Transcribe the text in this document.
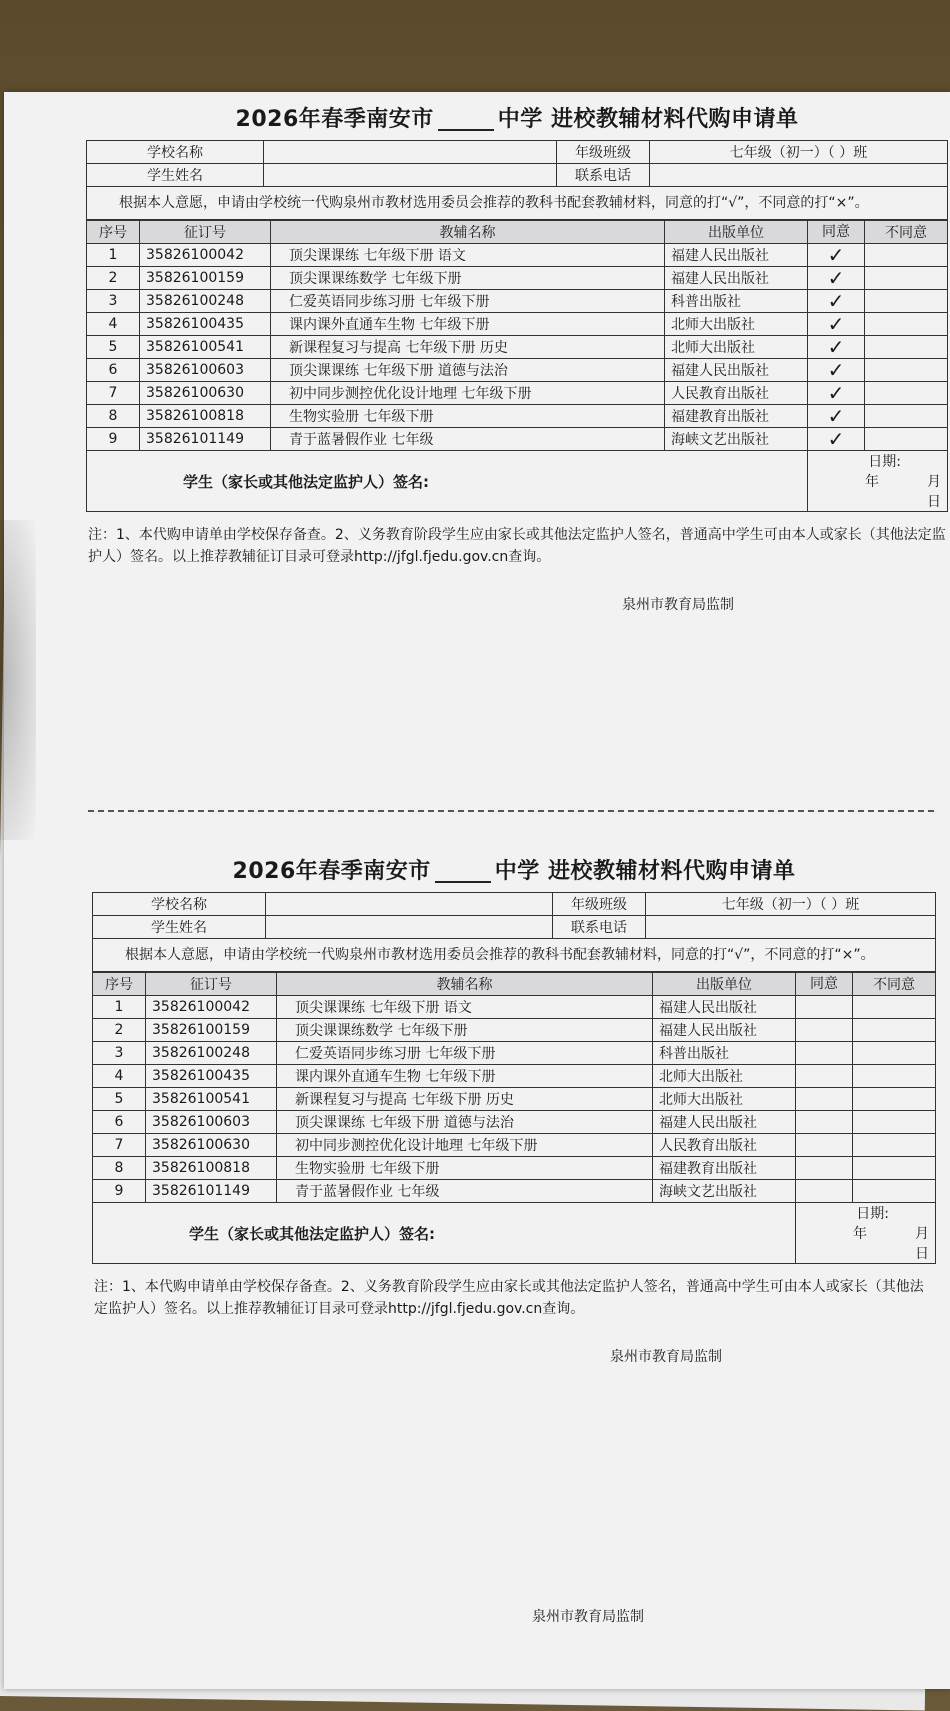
2026年春季南安市	中学 进校教辅材料代购申请单
学校名称		年级班级	七年级（初一）（ ）班
学生姓名		联系电话	
根据本人意愿，申请由学校统一代购泉州市教材选用委员会推荐的教科书配套教辅材料，同意的打“√”，不同意的打“×”。			
序号	征订号	教辅名称	出版单位	同意	不同意
1	35826100042	顶尖课课练 七年级下册 语文	福建人民出版社	✓	
2	35826100159	顶尖课课练数学 七年级下册	福建人民出版社	✓	
3	35826100248	仁爱英语同步练习册 七年级下册	科普出版社	✓	
4	35826100435	课内课外直通车生物 七年级下册	北师大出版社	✓	
5	35826100541	新课程复习与提高 七年级下册 历史	北师大出版社	✓	
6	35826100603	顶尖课课练 七年级下册 道德与法治	福建人民出版社	✓	
7	35826100630	初中同步测控优化设计地理 七年级下册	人民教育出版社	✓	
8	35826100818	生物实验册 七年级下册	福建教育出版社	✓	
9	35826101149	青于蓝暑假作业 七年级	海峡文艺出版社	✓	
学生（家长或其他法定监护人）签名:				日期:年 月日	
注：1、本代购申请单由学校保存备查。2、义务教育阶段学生应由家长或其他法定监护人签名，普通高中学生可由本人或家长（其他法定监护人）签名。以上推荐教辅征订目录可登录http://jfgl.fjedu.gov.cn查询。
泉州市教育局监制
2026年春季南安市	中学 进校教辅材料代购申请单
学校名称		年级班级	七年级（初一）（ ）班
学生姓名		联系电话	
根据本人意愿，申请由学校统一代购泉州市教材选用委员会推荐的教科书配套教辅材料，同意的打“√”，不同意的打“×”。			
序号	征订号	教辅名称	出版单位	同意	不同意
1	35826100042	顶尖课课练 七年级下册 语文	福建人民出版社		
2	35826100159	顶尖课课练数学 七年级下册	福建人民出版社		
3	35826100248	仁爱英语同步练习册 七年级下册	科普出版社		
4	35826100435	课内课外直通车生物 七年级下册	北师大出版社		
5	35826100541	新课程复习与提高 七年级下册 历史	北师大出版社		
6	35826100603	顶尖课课练 七年级下册 道德与法治	福建人民出版社		
7	35826100630	初中同步测控优化设计地理 七年级下册	人民教育出版社		
8	35826100818	生物实验册 七年级下册	福建教育出版社		
9	35826101149	青于蓝暑假作业 七年级	海峡文艺出版社		
学生（家长或其他法定监护人）签名:				日期:年 月日	
注：1、本代购申请单由学校保存备查。2、义务教育阶段学生应由家长或其他法定监护人签名，普通高中学生可由本人或家长（其他法定监护人）签名。以上推荐教辅征订目录可登录http://jfgl.fjedu.gov.cn查询。
泉州市教育局监制
泉州市教育局监制
